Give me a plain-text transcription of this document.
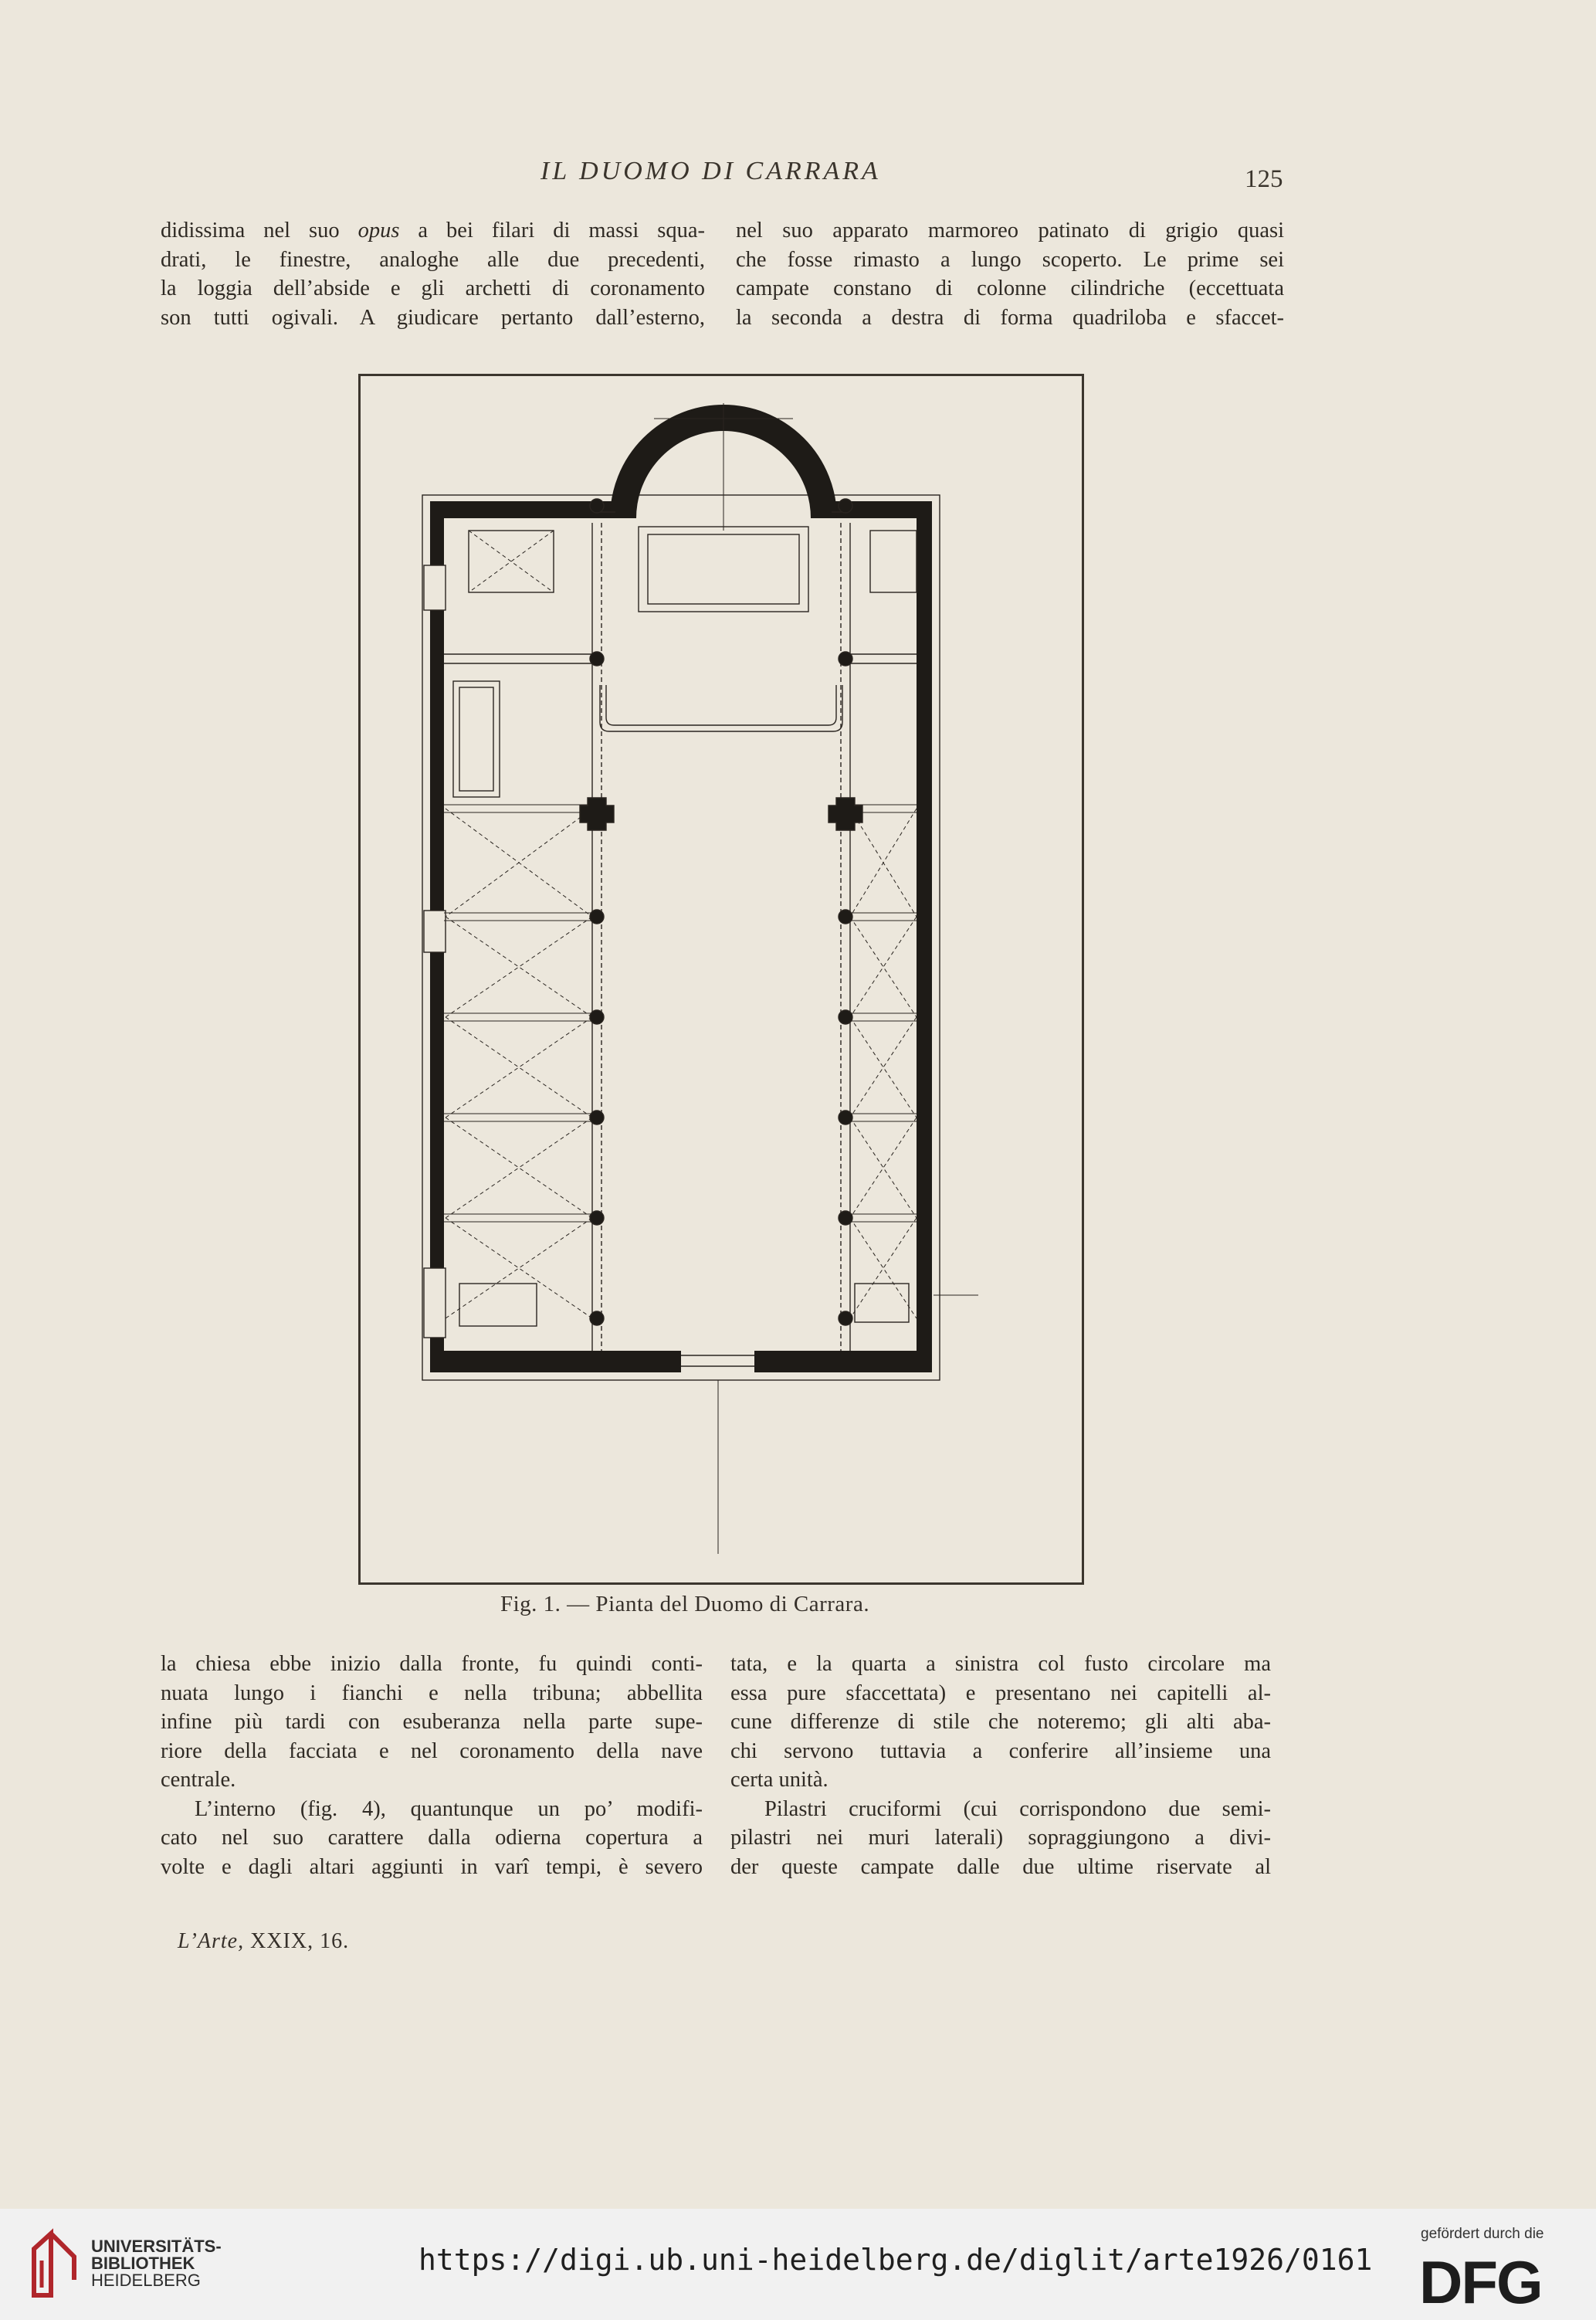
IL DUOMO DI CARRARA	125
didissima nel suo opus a bei filari di massi squa-
drati, le finestre, analoghe alle due precedenti,
la loggia dell’abside e gli archetti di coronamento
son tutti ogivali. A giudicare pertanto dall’esterno,
nel suo apparato marmoreo patinato di grigio quasi
che fosse rimasto a lungo scoperto. Le prime sei
campate constano di colonne cilindriche (eccettuata
la seconda a destra di forma quadriloba e sfaccet-
Fig. 1. — Pianta del Duomo di Carrara.
la chiesa ebbe inizio dalla fronte, fu quindi conti-
nuata lungo i fianchi e nella tribuna; abbellita
infine più tardi con esuberanza nella parte supe-
riore della facciata e nel coronamento della nave
centrale.
L’interno (fig. 4), quantunque un po’ modifi-
cato nel suo carattere dalla odierna copertura a
volte e dagli altari aggiunti in varî tempi, è severo
tata, e la quarta a sinistra col fusto circolare ma
essa pure sfaccettata) e presentano nei capitelli al-
cune differenze di stile che noteremo; gli alti aba-
chi servono tuttavia a conferire all’insieme una
certa unità.
Pilastri cruciformi (cui corrispondono due semi-
pilastri nei muri laterali) sopraggiungono a divi-
der queste campate dalle due ultime riservate al
L’Arte, XXIX, 16.
UNIVERSITÄTS-
BIBLIOTHEK
HEIDELBERG
https://digi.ub.uni-heidelberg.de/diglit/arte1926/0161
gefördert durch die
DFG
